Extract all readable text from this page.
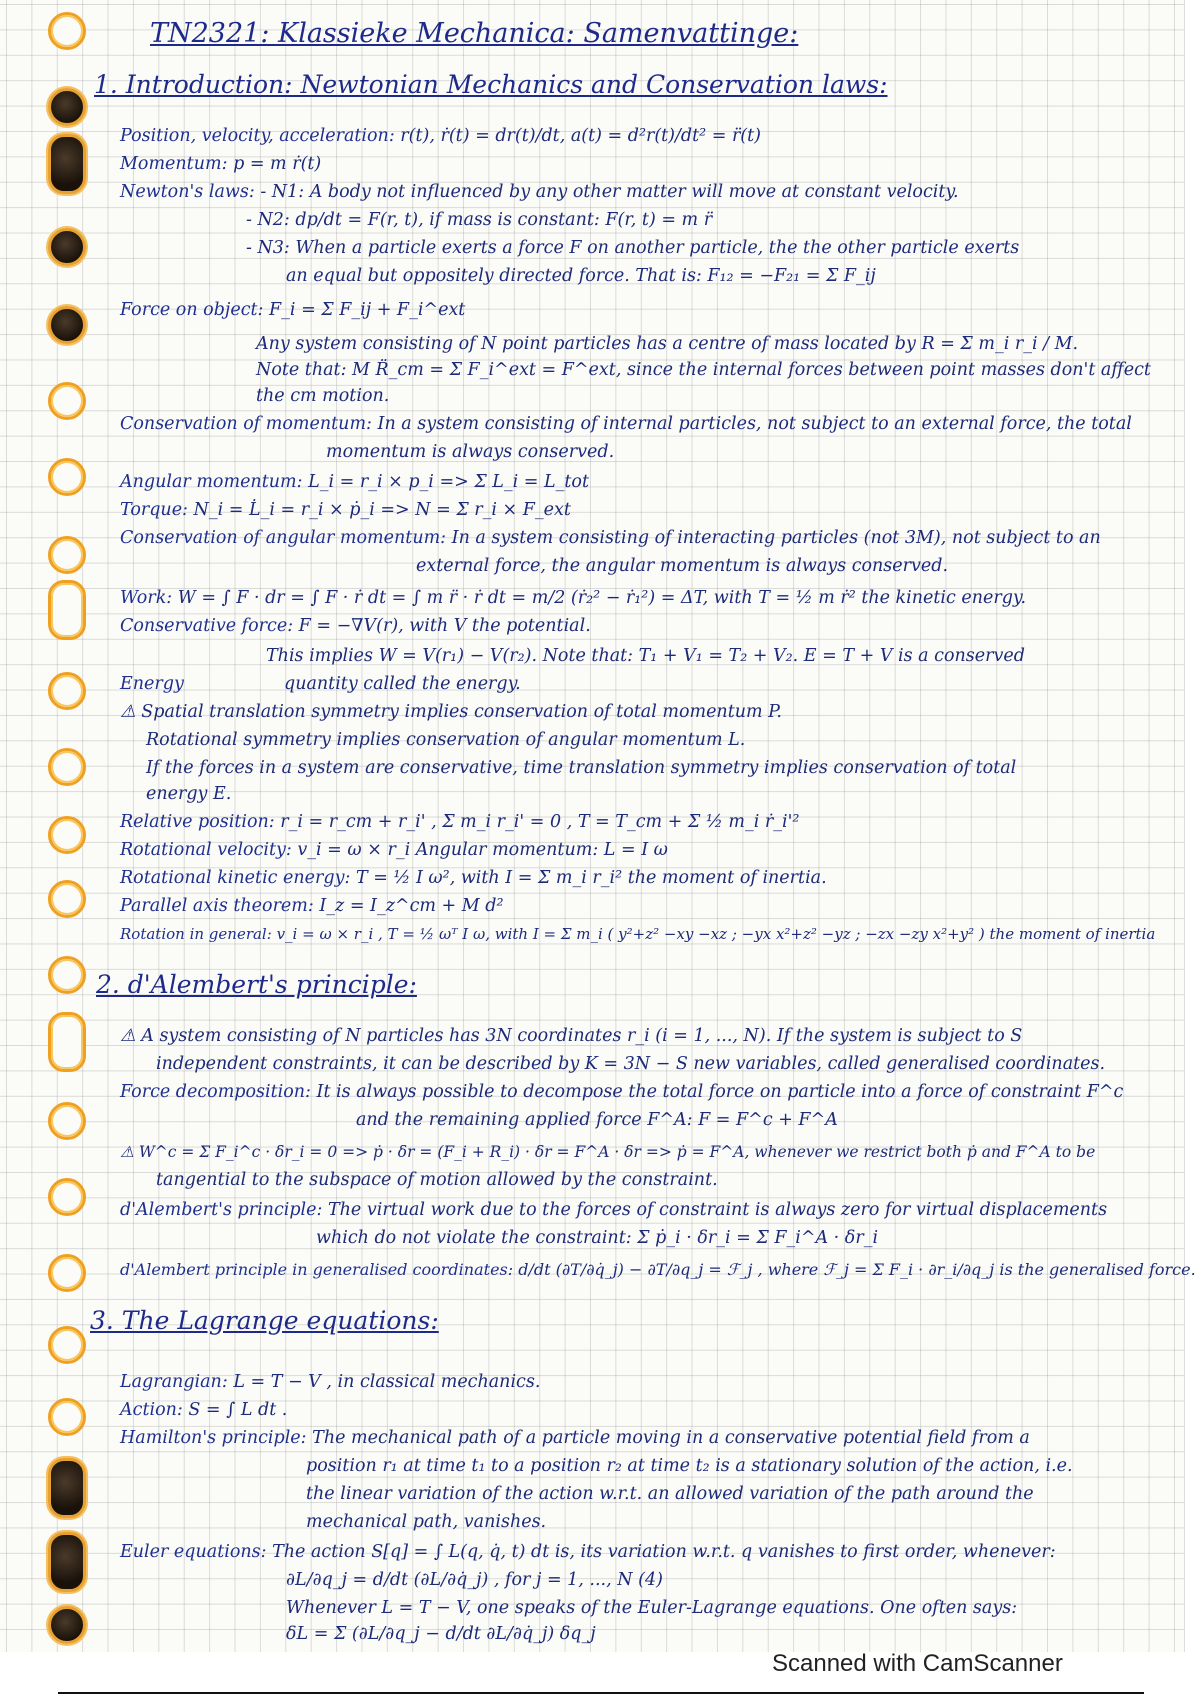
TN2321: Klassieke Mechanica: Samenvattinge:
1. Introduction: Newtonian Mechanics and Conservation laws:
Position, velocity, acceleration: r(t), ṙ(t) = dr(t)/dt, a(t) = d²r(t)/dt² = r̈(t)
Momentum: p = m ṙ(t)
Newton's laws: - N1: A body not influenced by any other matter will move at constant velocity.
- N2: dp/dt = F(r, t), if mass is constant: F(r, t) = m r̈
- N3: When a particle exerts a force F on another particle, the the other particle exerts
an equal but oppositely directed force. That is: F₁₂ = −F₂₁ = Σ F_ij
Force on object: F_i = Σ F_ij + F_i^ext
Any system consisting of N point particles has a centre of mass located by R = Σ m_i r_i / M.
Note that: M R̈_cm = Σ F_i^ext = F^ext, since the internal forces between point masses don't affect
the cm motion.
Conservation of momentum: In a system consisting of internal particles, not subject to an external force, the total
momentum is always conserved.
Angular momentum: L_i = r_i × p_i => Σ L_i = L_tot
Torque: N_i = L̇_i = r_i × ṗ_i => N = Σ r_i × F_ext
Conservation of angular momentum: In a system consisting of interacting particles (not 3M), not subject to an
external force, the angular momentum is always conserved.
Work: W = ∫ F · dr = ∫ F · ṙ dt = ∫ m r̈ · ṙ dt = m/2 (ṙ₂² − ṙ₁²) = ΔT, with T = ½ m ṙ² the kinetic energy.
Conservative force: F = −∇V(r), with V the potential.
This implies W = V(r₁) − V(r₂). Note that: T₁ + V₁ = T₂ + V₂. E = T + V is a conserved
Energy	quantity called the energy.
⚠ Spatial translation symmetry implies conservation of total momentum P.
Rotational symmetry implies conservation of angular momentum L.
If the forces in a system are conservative, time translation symmetry implies conservation of total
energy E.
Relative position: r_i = r_cm + r_i' , Σ m_i r_i' = 0 , T = T_cm + Σ ½ m_i ṙ_i'²
Rotational velocity: v_i = ω × r_i Angular momentum: L = I ω
Rotational kinetic energy: T = ½ I ω², with I = Σ m_i r_i² the moment of inertia.
Parallel axis theorem: I_z = I_z^cm + M d²
Rotation in general: v_i = ω × r_i , T = ½ ωᵀ I ω, with I = Σ m_i ( y²+z² −xy −xz ; −yx x²+z² −yz ; −zx −zy x²+y² ) the moment of inertia
2. d'Alembert's principle:
⚠ A system consisting of N particles has 3N coordinates r_i (i = 1, ..., N). If the system is subject to S
independent constraints, it can be described by K = 3N − S new variables, called generalised coordinates.
Force decomposition: It is always possible to decompose the total force on particle into a force of constraint F^c
and the remaining applied force F^A: F = F^c + F^A
⚠ W^c = Σ F_i^c · δr_i = 0 => ṗ · δr = (F_i + R_i) · δr = F^A · δr => ṗ = F^A, whenever we restrict both ṗ and F^A to be
tangential to the subspace of motion allowed by the constraint.
d'Alembert's principle: The virtual work due to the forces of constraint is always zero for virtual displacements
which do not violate the constraint: Σ ṗ_i · δr_i = Σ F_i^A · δr_i
d'Alembert principle in generalised coordinates: d/dt (∂T/∂q̇_j) − ∂T/∂q_j = ℱ_j , where ℱ_j = Σ F_i · ∂r_i/∂q_j is the generalised force.
3. The Lagrange equations:
Lagrangian: L = T − V , in classical mechanics.
Action: S = ∫ L dt .
Hamilton's principle: The mechanical path of a particle moving in a conservative potential field from a
position r₁ at time t₁ to a position r₂ at time t₂ is a stationary solution of the action, i.e.
the linear variation of the action w.r.t. an allowed variation of the path around the
mechanical path, vanishes.
Euler equations: The action S[q] = ∫ L(q, q̇, t) dt is, its variation w.r.t. q vanishes to first order, whenever:
∂L/∂q_j = d/dt (∂L/∂q̇_j) , for j = 1, ..., N (4)
Whenever L = T − V, one speaks of the Euler-Lagrange equations. One often says:
δL = Σ (∂L/∂q_j − d/dt ∂L/∂q̇_j) δq_j
Scanned with CamScanner
